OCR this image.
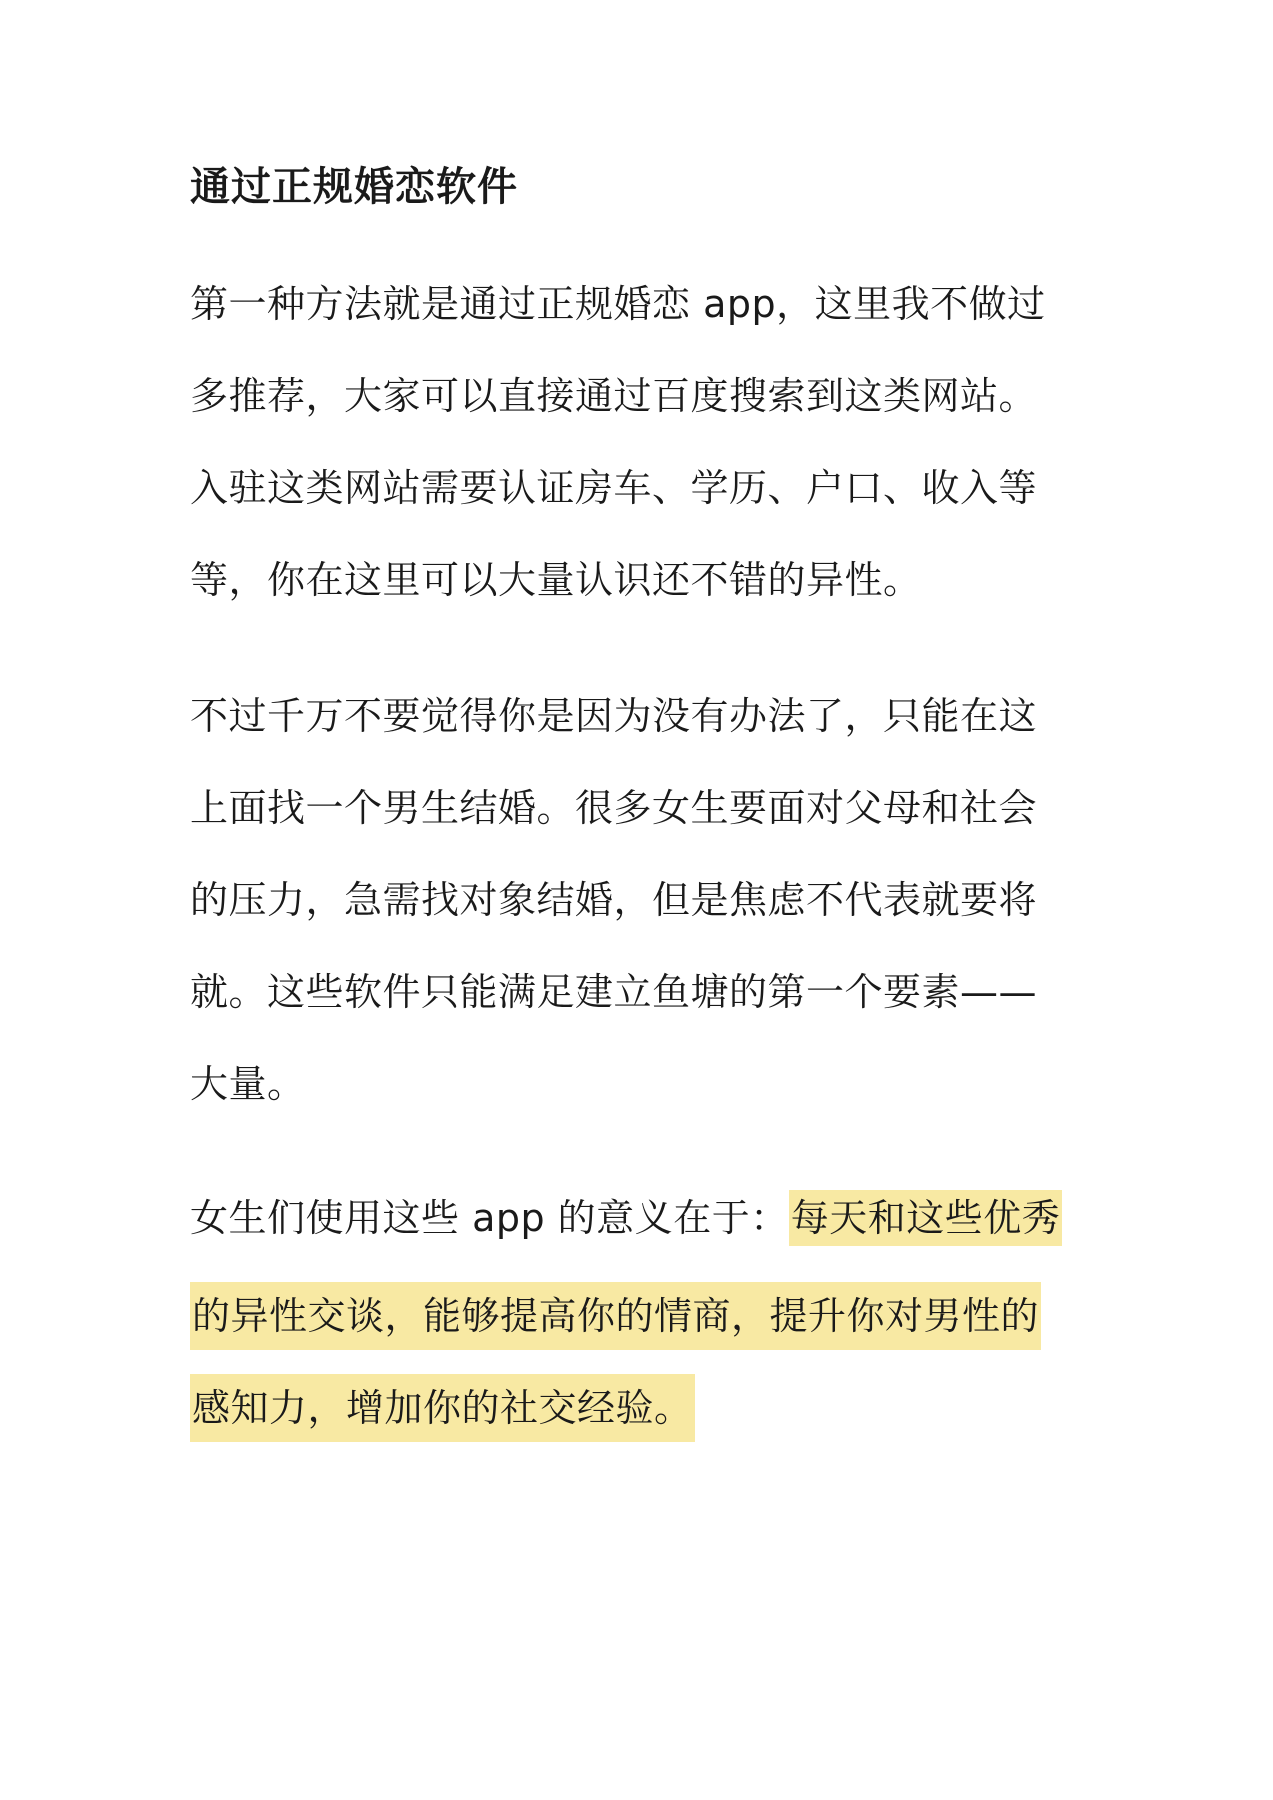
通过正规婚恋软件
第一种方法就是通过正规婚恋 app，这里我不做过
多推荐，大家可以直接通过百度搜索到这类网站。
入驻这类网站需要认证房车、学历、户口、收入等
等，你在这里可以大量认识还不错的异性。
不过千万不要觉得你是因为没有办法了，只能在这
上面找一个男生结婚。很多女生要面对父母和社会
的压力，急需找对象结婚，但是焦虑不代表就要将
就。这些软件只能满足建立鱼塘的第一个要素——
大量。
女生们使用这些 app 的意义在于：每天和这些优秀
的异性交谈，能够提高你的情商，提升你对男性的
感知力，增加你的社交经验。
